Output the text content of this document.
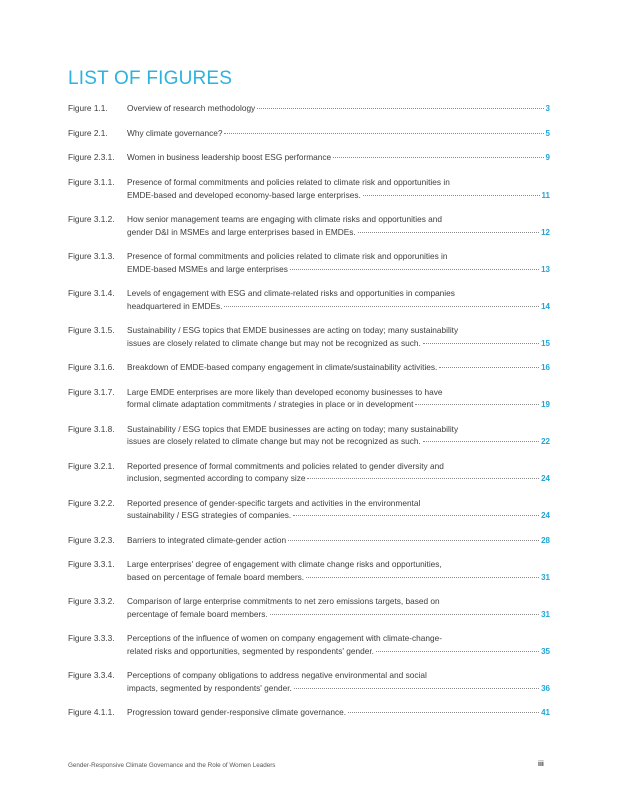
LIST OF FIGURES
Figure 1.1.	Overview of research methodology	3
Figure 2.1.	Why climate governance?	5
Figure 2.3.1.	Women in business leadership boost ESG performance	9
Figure 3.1.1.	Presence of formal commitments and policies related to climate risk and opportunities in
EMDE-based and developed economy-based large enterprises.	11
Figure 3.1.2.	How senior management teams are engaging with climate risks and opportunities and
gender D&I in MSMEs and large enterprises based in EMDEs.	12
Figure 3.1.3.	Presence of formal commitments and policies related to climate risk and opporunities in
EMDE-based MSMEs and large enterprises	13
Figure 3.1.4.	Levels of engagement with ESG and climate-related risks and opportunities in companies
headquartered in EMDEs.	14
Figure 3.1.5.	Sustainability / ESG topics that EMDE businesses are acting on today; many sustainability
issues are closely related to climate change but may not be recognized as such.	15
Figure 3.1.6.	Breakdown of EMDE-based company engagement in climate/sustainability activities.	16
Figure 3.1.7.	Large EMDE enterprises are more likely than developed economy businesses to have
formal climate adaptation commitments / strategies in place or in development	19
Figure 3.1.8.	Sustainability / ESG topics that EMDE businesses are acting on today; many sustainability
issues are closely related to climate change but may not be recognized as such.	22
Figure 3.2.1.	Reported presence of formal commitments and policies related to gender diversity and
inclusion, segmented according to company size	24
Figure 3.2.2.	Reported presence of gender-specific targets and activities in the environmental
sustainability / ESG strategies of companies.	24
Figure 3.2.3.	Barriers to integrated climate-gender action	28
Figure 3.3.1.	Large enterprises' degree of engagement with climate change risks and opportunities,
based on percentage of female board members.	31
Figure 3.3.2.	Comparison of large enterprise commitments to net zero emissions targets, based on
percentage of female board members.	31
Figure 3.3.3.	Perceptions of the influence of women on company engagement with climate-change-
related risks and opportunities, segmented by respondents' gender.	35
Figure 3.3.4.	Perceptions of company obligations to address negative environmental and social
impacts, segmented by respondents' gender.	36
Figure 4.1.1.	Progression toward gender-responsive climate governance.	41
Gender-Responsive Climate Governance and the Role of Women Leaders	iii
